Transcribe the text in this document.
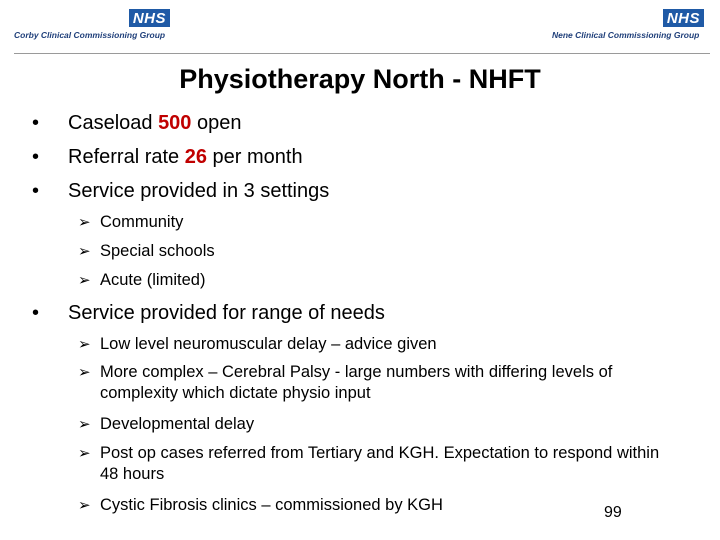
NHS
Corby Clinical Commissioning Group
NHS
Nene Clinical Commissioning Group
Physiotherapy North - NHFT
• Caseload 500 open
• Referral rate 26 per month
• Service provided in 3 settings
➢ Community
➢ Special schools
➢ Acute (limited)
• Service provided for range of needs
➢ Low level neuromuscular delay – advice given
➢ More complex – Cerebral Palsy - large numbers with differing levels of complexity which dictate physio input
➢ Developmental delay
➢ Post op cases referred from Tertiary and KGH. Expectation to respond within 48 hours
➢ Cystic Fibrosis clinics – commissioned by KGH	99
